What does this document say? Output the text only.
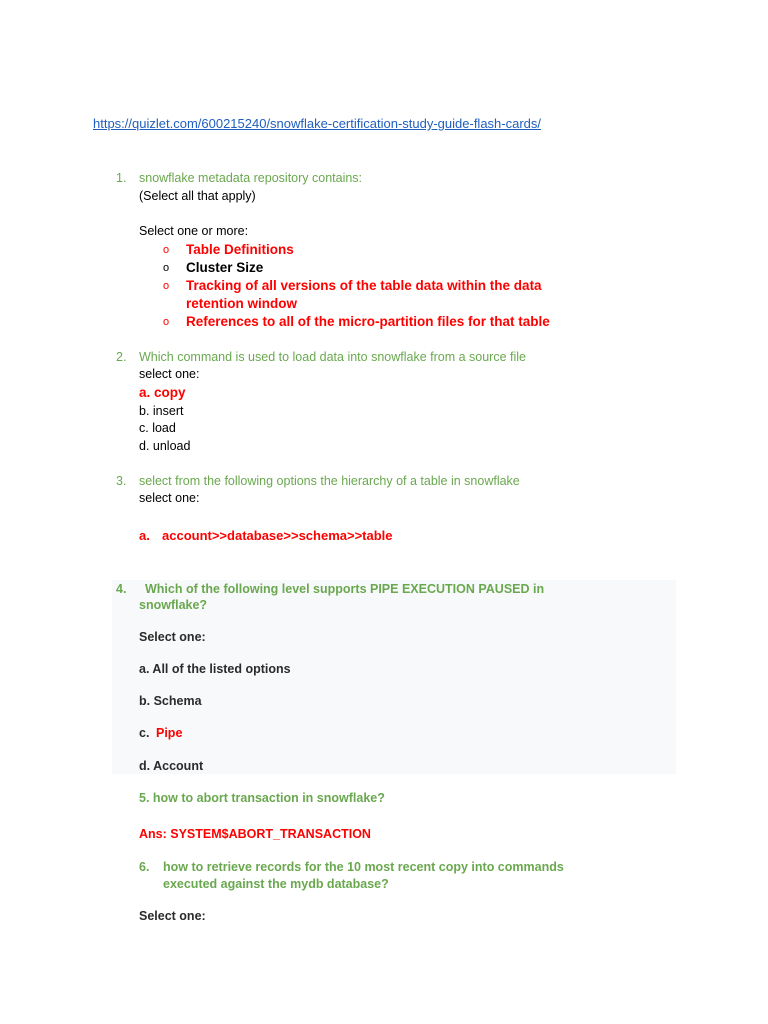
https://quizlet.com/600215240/snowflake-certification-study-guide-flash-cards/
1. snowflake metadata repository contains:
(Select all that apply)
Select one or more:
o Table Definitions
o Cluster Size
o Tracking of all versions of the table data within the data
retention window
o References to all of the micro-partition files for that table
2. Which command is used to load data into snowflake from a source file
select one:
a. copy
b. insert
c. load
d. unload
3. select from the following options the hierarchy of a table in snowflake
select one:
a. account>>database>>schema>>table
4. Which of the following level supports PIPE EXECUTION PAUSED in
snowflake?
Select one:
a. All of the listed options
b. Schema
c. Pipe
d. Account
5. how to abort transaction in snowflake?
Ans: SYSTEM$ABORT_TRANSACTION
6. how to retrieve records for the 10 most recent copy into commands
executed against the mydb database?
Select one:
